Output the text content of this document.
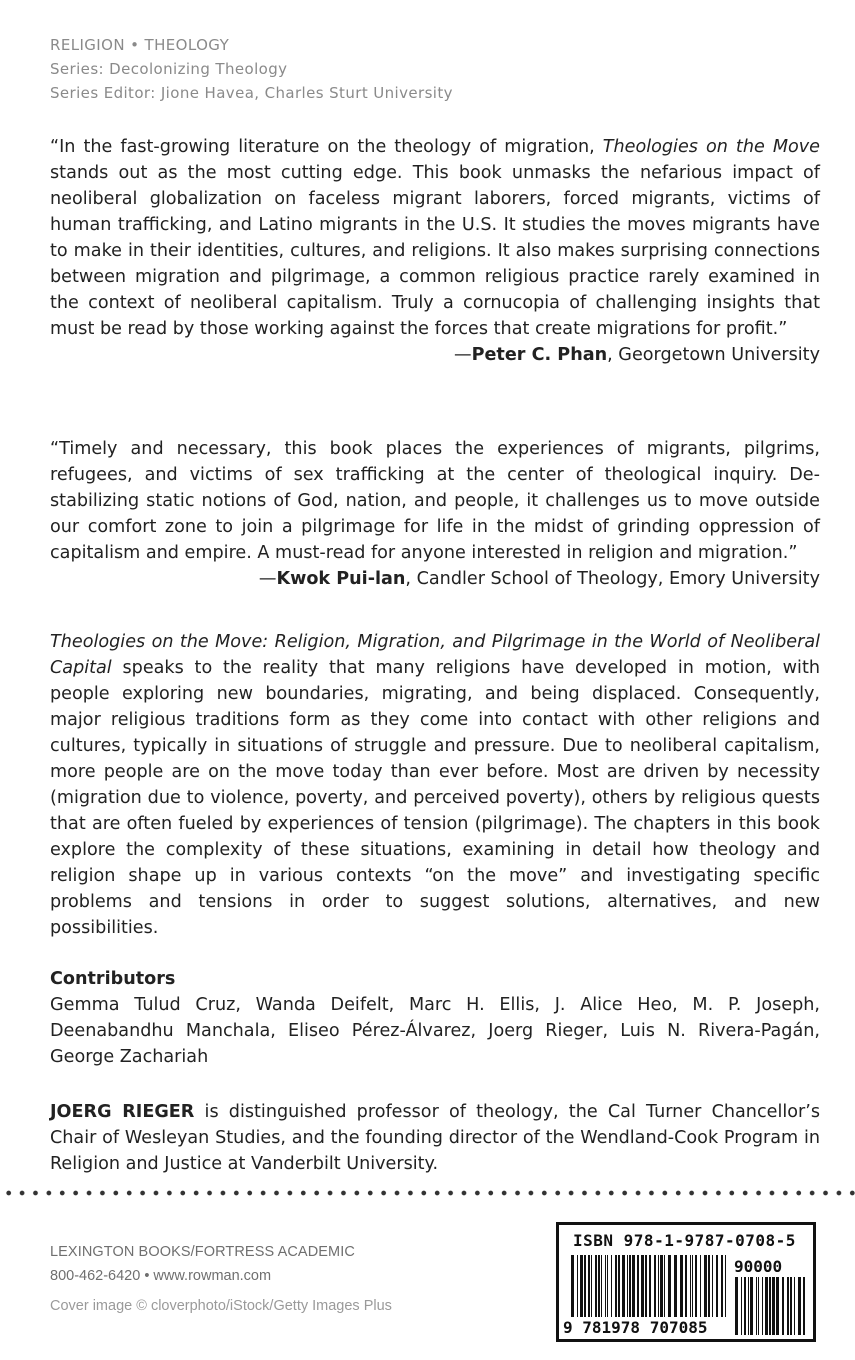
RELIGION • THEOLOGY
Series: Decolonizing Theology
Series Editor: Jione Havea, Charles Sturt University

“In the fast-growing literature on the theology of migration, Theologies on the Move stands out as the most cutting edge. This book unmasks the nefarious impact of neoliberal globalization on faceless migrant laborers, forced migrants, victims of human trafficking, and Latino migrants in the U.S. It studies the moves migrants have to make in their identities, cultures, and religions. It also makes surprising connections between migration and pilgrimage, a common religious practice rarely examined in the context of neoliberal capitalism. Truly a cornucopia of challenging insights that must be read by those working against the forces that create migrations for profit.”

—Peter C. Phan, Georgetown University

“Timely and necessary, this book places the experiences of migrants, pilgrims, refugees, and victims of sex trafficking at the center of theological inquiry. Destabilizing static notions of God, nation, and people, it challenges us to move outside our comfort zone to join a pilgrimage for life in the midst of grinding oppression of capitalism and empire. A must-read for anyone interested in religion and migration.”

—Kwok Pui-lan, Candler School of Theology, Emory University

Theologies on the Move: Religion, Migration, and Pilgrimage in the World of Neoliberal Capital speaks to the reality that many religions have developed in motion, with people exploring new boundaries, migrating, and being displaced. Consequently, major religious traditions form as they come into contact with other religions and cultures, typically in situations of struggle and pressure. Due to neoliberal capitalism, more people are on the move today than ever before. Most are driven by necessity (migration due to violence, poverty, and perceived poverty), others by religious quests that are often fueled by experiences of tension (pilgrimage). The chapters in this book explore the complexity of these situations, examining in detail how theology and religion shape up in various contexts “on the move” and investigating specific problems and tensions in order to suggest solutions, alternatives, and new possibilities.

Contributors

Gemma Tulud Cruz, Wanda Deifelt, Marc H. Ellis, J. Alice Heo, M. P. Joseph, Deenabandhu Manchala, Eliseo Pérez-Álvarez, Joerg Rieger, Luis N. Rivera-Pagán, George Zachariah

JOERG RIEGER is distinguished professor of theology, the Cal Turner Chancellor’s Chair of Wesleyan Studies, and the founding director of the Wendland-Cook Program in Religion and Justice at Vanderbilt University.

LEXINGTON BOOKS/FORTRESS ACADEMIC
800-462-6420 • www.rowman.com
Cover image © cloverphoto/iStock/Getty Images Plus
ISBN 978-1-9787-0708-5
90000
9 781978 707085
